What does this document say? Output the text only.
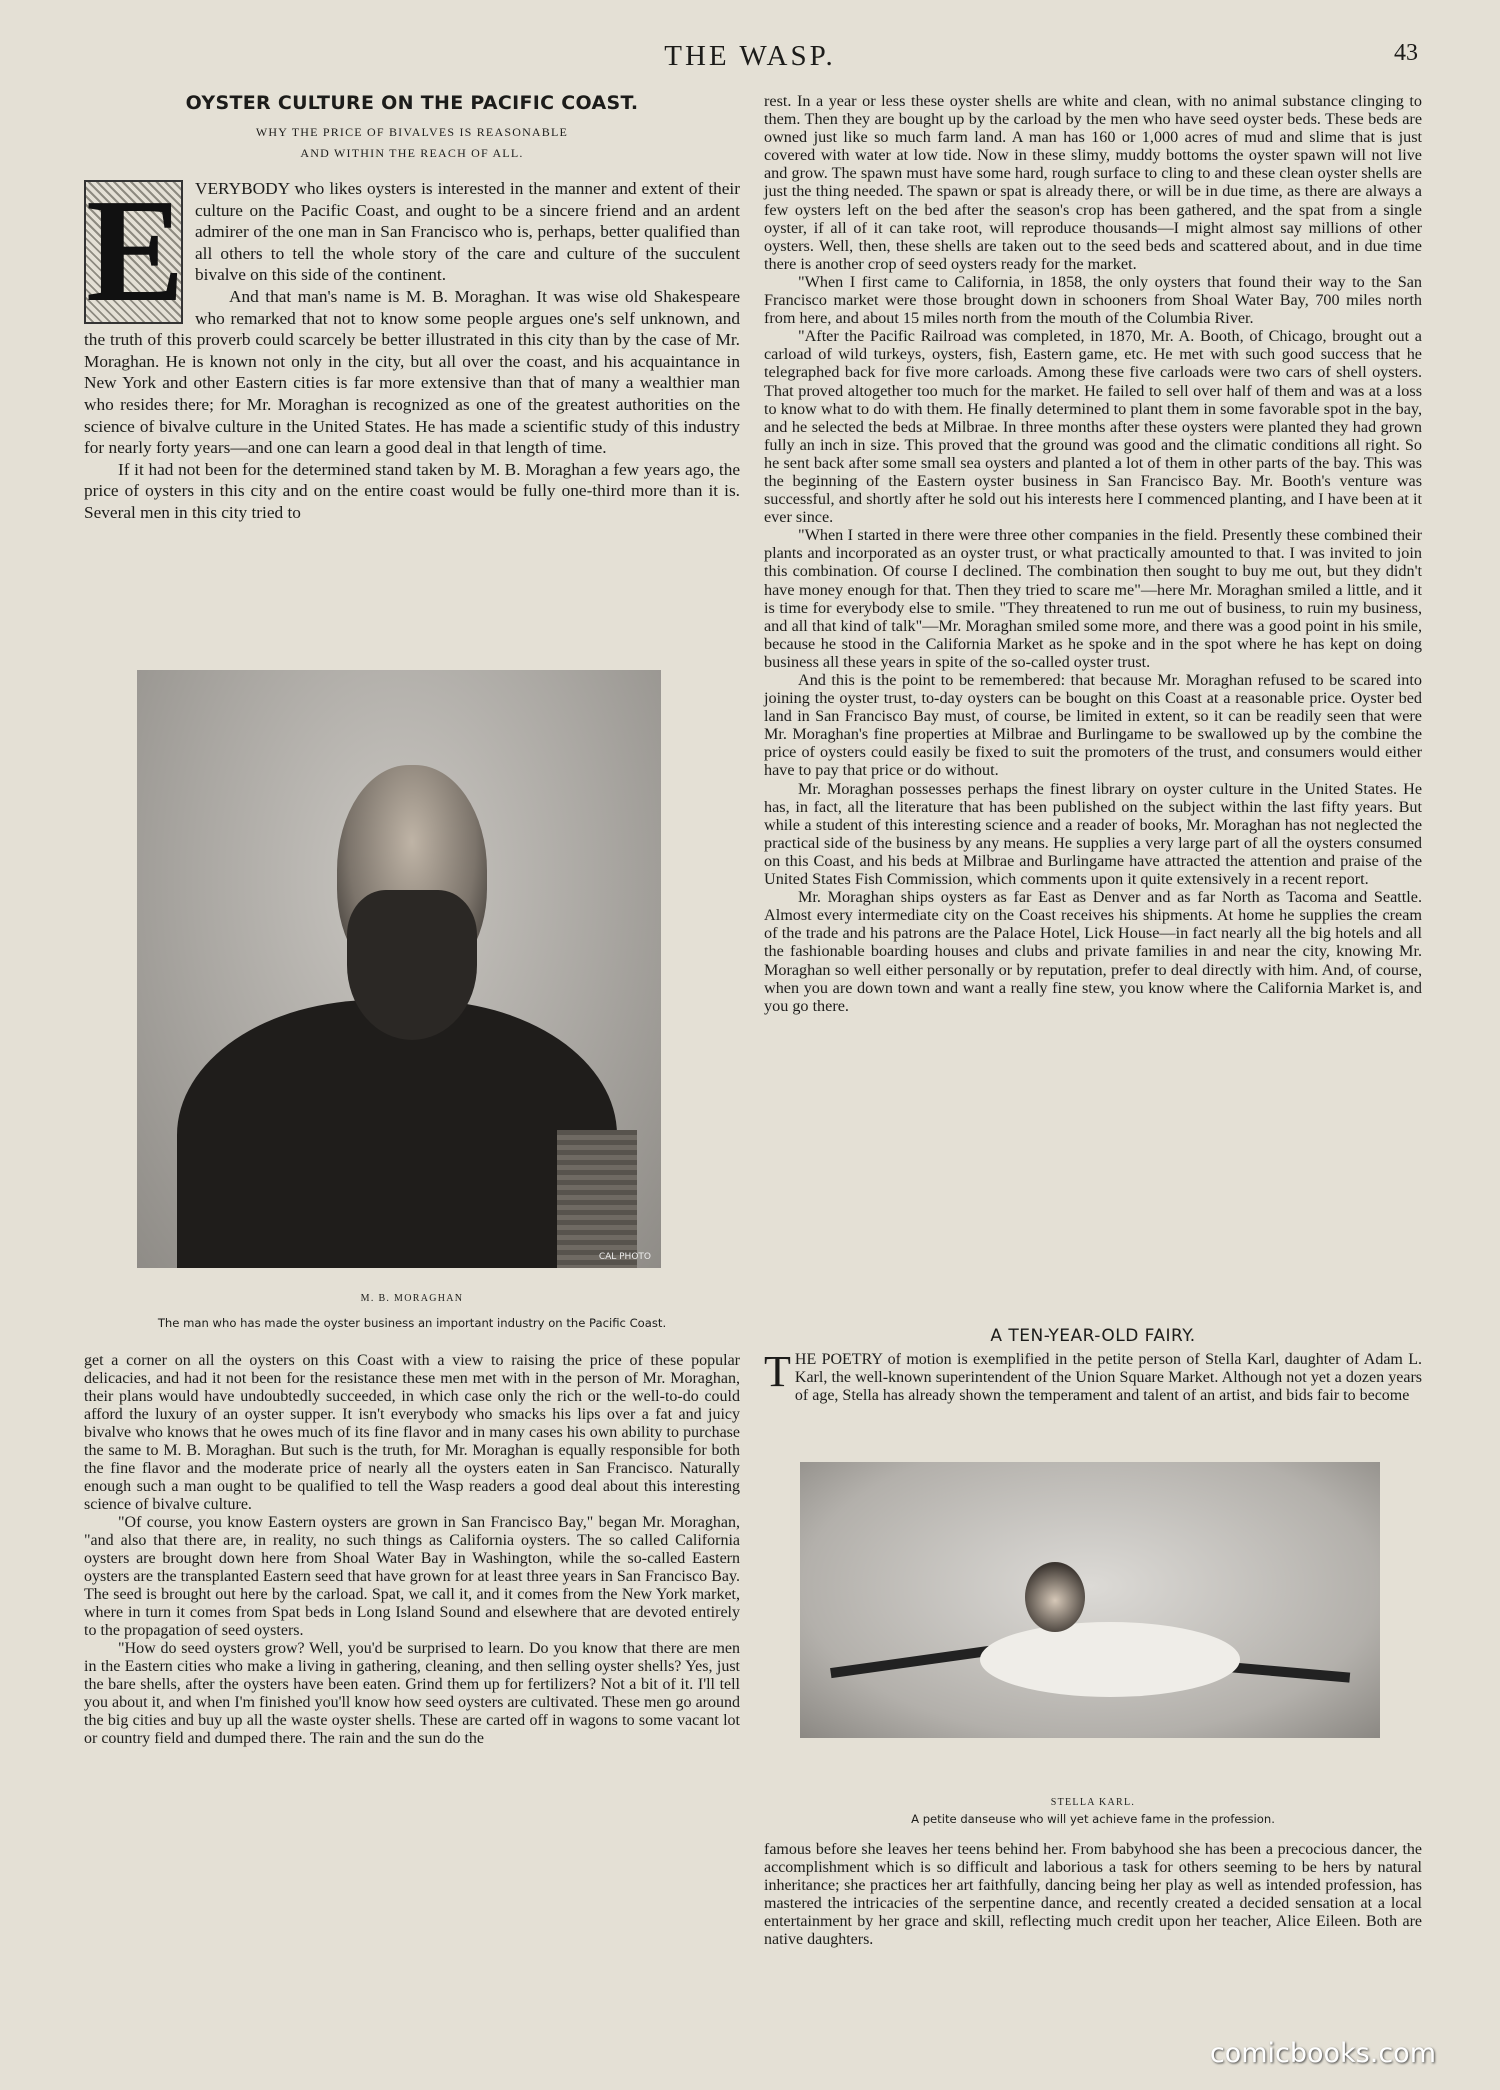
THE WASP.	43
OYSTER CULTURE ON THE PACIFIC COAST.
WHY THE PRICE OF BIVALVES IS REASONABLE
AND WITHIN THE REACH OF ALL.
E VERYBODY who likes oysters is interested in the manner and extent of their culture on the Pacific Coast, and ought to be a sincere friend and an ardent admirer of the one man in San Francisco who is, perhaps, better qualified than all others to tell the whole story of the care and culture of the succulent bivalve on this side of the continent.

And that man's name is M. B. Moraghan. It was wise old Shakespeare who remarked that not to know some people argues one's self unknown, and the truth of this proverb could scarcely be better illustrated in this city than by the case of Mr. Moraghan. He is known not only in the city, but all over the coast, and his acquaintance in New York and other Eastern cities is far more extensive than that of many a wealthier man who resides there; for Mr. Moraghan is recognized as one of the greatest authorities on the science of bivalve culture in the United States. He has made a scientific study of this industry for nearly forty years—and one can learn a good deal in that length of time.

If it had not been for the determined stand taken by M. B. Moraghan a few years ago, the price of oysters in this city and on the entire coast would be fully one-third more than it is. Several men in this city tried to

CAL PHOTO
M. B. MORAGHAN
The man who has made the oyster business an important industry on the Pacific Coast.

get a corner on all the oysters on this Coast with a view to raising the price of these popular delicacies, and had it not been for the resistance these men met with in the person of Mr. Moraghan, their plans would have undoubtedly succeeded, in which case only the rich or the well-to-do could afford the luxury of an oyster supper. It isn't everybody who smacks his lips over a fat and juicy bivalve who knows that he owes much of its fine flavor and in many cases his own ability to purchase the same to M. B. Moraghan. But such is the truth, for Mr. Moraghan is equally responsible for both the fine flavor and the moderate price of nearly all the oysters eaten in San Francisco. Naturally enough such a man ought to be qualified to tell the Wasp readers a good deal about this interesting science of bivalve culture.

"Of course, you know Eastern oysters are grown in San Francisco Bay," began Mr. Moraghan, "and also that there are, in reality, no such things as California oysters. The so called California oysters are brought down here from Shoal Water Bay in Washington, while the so-called Eastern oysters are the transplanted Eastern seed that have grown for at least three years in San Francisco Bay. The seed is brought out here by the carload. Spat, we call it, and it comes from the New York market, where in turn it comes from Spat beds in Long Island Sound and elsewhere that are devoted entirely to the propagation of seed oysters.

"How do seed oysters grow? Well, you'd be surprised to learn. Do you know that there are men in the Eastern cities who make a living in gathering, cleaning, and then selling oyster shells? Yes, just the bare shells, after the oysters have been eaten. Grind them up for fertilizers? Not a bit of it. I'll tell you about it, and when I'm finished you'll know how seed oysters are cultivated. These men go around the big cities and buy up all the waste oyster shells. These are carted off in wagons to some vacant lot or country field and dumped there. The rain and the sun do the

rest. In a year or less these oyster shells are white and clean, with no animal substance clinging to them. Then they are bought up by the carload by the men who have seed oyster beds. These beds are owned just like so much farm land. A man has 160 or 1,000 acres of mud and slime that is just covered with water at low tide. Now in these slimy, muddy bottoms the oyster spawn will not live and grow. The spawn must have some hard, rough surface to cling to and these clean oyster shells are just the thing needed. The spawn or spat is already there, or will be in due time, as there are always a few oysters left on the bed after the season's crop has been gathered, and the spat from a single oyster, if all of it can take root, will reproduce thousands—I might almost say millions of other oysters. Well, then, these shells are taken out to the seed beds and scattered about, and in due time there is another crop of seed oysters ready for the market.

"When I first came to California, in 1858, the only oysters that found their way to the San Francisco market were those brought down in schooners from Shoal Water Bay, 700 miles north from here, and about 15 miles north from the mouth of the Columbia River.

"After the Pacific Railroad was completed, in 1870, Mr. A. Booth, of Chicago, brought out a carload of wild turkeys, oysters, fish, Eastern game, etc. He met with such good success that he telegraphed back for five more carloads. Among these five carloads were two cars of shell oysters. That proved altogether too much for the market. He failed to sell over half of them and was at a loss to know what to do with them. He finally determined to plant them in some favorable spot in the bay, and he selected the beds at Milbrae. In three months after these oysters were planted they had grown fully an inch in size. This proved that the ground was good and the climatic conditions all right. So he sent back after some small sea oysters and planted a lot of them in other parts of the bay. This was the beginning of the Eastern oyster business in San Francisco Bay. Mr. Booth's venture was successful, and shortly after he sold out his interests here I commenced planting, and I have been at it ever since.

"When I started in there were three other companies in the field. Presently these combined their plants and incorporated as an oyster trust, or what practically amounted to that. I was invited to join this combination. Of course I declined. The combination then sought to buy me out, but they didn't have money enough for that. Then they tried to scare me"—here Mr. Moraghan smiled a little, and it is time for everybody else to smile. "They threatened to run me out of business, to ruin my business, and all that kind of talk"—Mr. Moraghan smiled some more, and there was a good point in his smile, because he stood in the California Market as he spoke and in the spot where he has kept on doing business all these years in spite of the so-called oyster trust.

And this is the point to be remembered: that because Mr. Moraghan refused to be scared into joining the oyster trust, to-day oysters can be bought on this Coast at a reasonable price. Oyster bed land in San Francisco Bay must, of course, be limited in extent, so it can be readily seen that were Mr. Moraghan's fine properties at Milbrae and Burlingame to be swallowed up by the combine the price of oysters could easily be fixed to suit the promoters of the trust, and consumers would either have to pay that price or do without.

Mr. Moraghan possesses perhaps the finest library on oyster culture in the United States. He has, in fact, all the literature that has been published on the subject within the last fifty years. But while a student of this interesting science and a reader of books, Mr. Moraghan has not neglected the practical side of the business by any means. He supplies a very large part of all the oysters consumed on this Coast, and his beds at Milbrae and Burlingame have attracted the attention and praise of the United States Fish Commission, which comments upon it quite extensively in a recent report.

Mr. Moraghan ships oysters as far East as Denver and as far North as Tacoma and Seattle. Almost every intermediate city on the Coast receives his shipments. At home he supplies the cream of the trade and his patrons are the Palace Hotel, Lick House—in fact nearly all the big hotels and all the fashionable boarding houses and clubs and private families in and near the city, knowing Mr. Moraghan so well either personally or by reputation, prefer to deal directly with him. And, of course, when you are down town and want a really fine stew, you know where the California Market is, and you go there.

A TEN-YEAR-OLD FAIRY.
T HE POETRY of motion is exemplified in the petite person of Stella Karl, daughter of Adam L. Karl, the well-known superintendent of the Union Square Market. Although not yet a dozen years of age, Stella has already shown the temperament and talent of an artist, and bids fair to become

STELLA KARL.
A petite danseuse who will yet achieve fame in the profession.

famous before she leaves her teens behind her. From babyhood she has been a precocious dancer, the accomplishment which is so difficult and laborious a task for others seeming to be hers by natural inheritance; she practices her art faithfully, dancing being her play as well as intended profession, has mastered the intricacies of the serpentine dance, and recently created a decided sensation at a local entertainment by her grace and skill, reflecting much credit upon her teacher, Alice Eileen. Both are native daughters.

comicbooks.com
